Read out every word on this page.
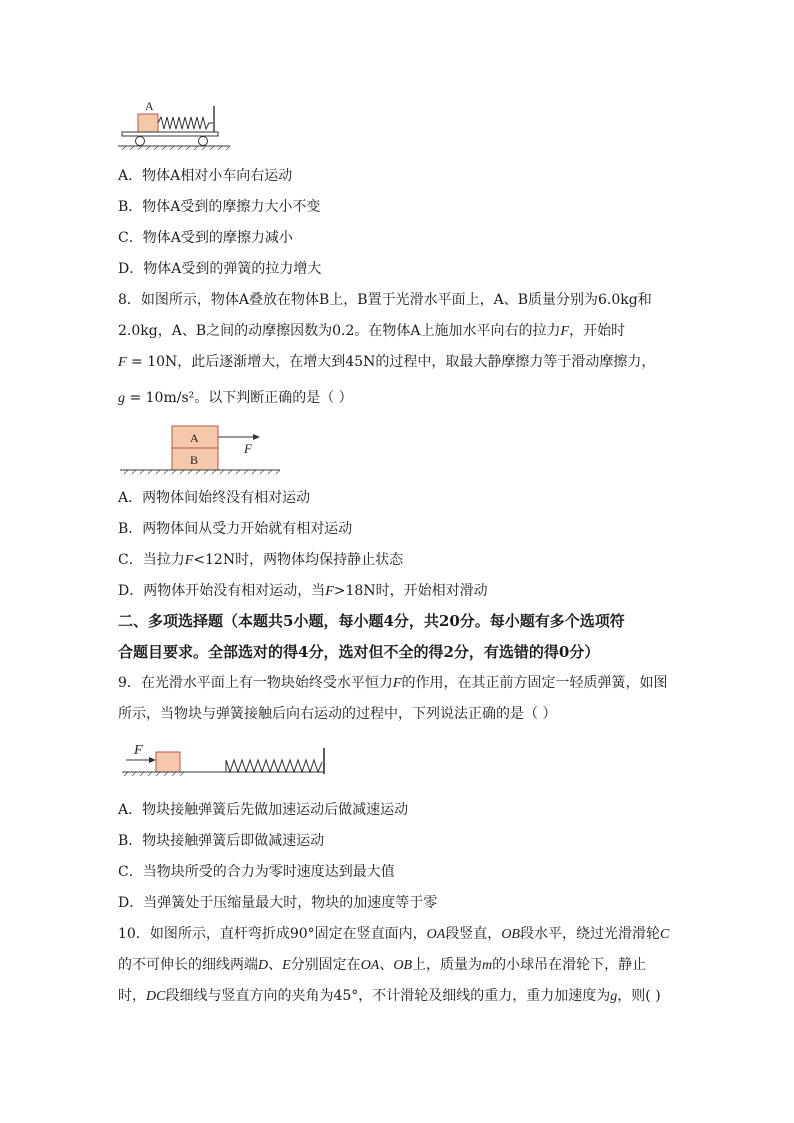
A
A．物体A相对小车向右运动
B．物体A受到的摩擦力大小不变
C．物体A受到的摩擦力减小
D．物体A受到的弹簧的拉力增大
8．如图所示，物体A叠放在物体B上，B置于光滑水平面上，A、B质量分别为6.0kg和
2.0kg，A、B之间的动摩擦因数为0.2。在物体A上施加水平向右的拉力F，开始时
F = 10N，此后逐渐增大，在增大到45N的过程中，取最大静摩擦力等于滑动摩擦力，
g = 10m/s²。以下判断正确的是（ ）
A
B
F
A．两物体间始终没有相对运动
B．两物体间从受力开始就有相对运动
C．当拉力F<12N时，两物体均保持静止状态
D．两物体开始没有相对运动，当F>18N时，开始相对滑动
二、多项选择题（本题共5小题，每小题4分，共20分。每小题有多个选项符
合题目要求。全部选对的得4分，选对但不全的得2分，有选错的得0分）
9．在光滑水平面上有一物块始终受水平恒力F的作用，在其正前方固定一轻质弹簧，如图
所示，当物块与弹簧接触后向右运动的过程中，下列说法正确的是（ ）
F
A．物块接触弹簧后先做加速运动后做减速运动
B．物块接触弹簧后即做减速运动
C．当物块所受的合力为零时速度达到最大值
D．当弹簧处于压缩量最大时，物块的加速度等于零
10．如图所示，直杆弯折成90°固定在竖直面内，OA段竖直，OB段水平，绕过光滑滑轮C
的不可伸长的细线两端D、E分别固定在OA、OB上，质量为m的小球吊在滑轮下，静止
时，DC段细线与竖直方向的夹角为45°，不计滑轮及细线的重力，重力加速度为g，则( )
